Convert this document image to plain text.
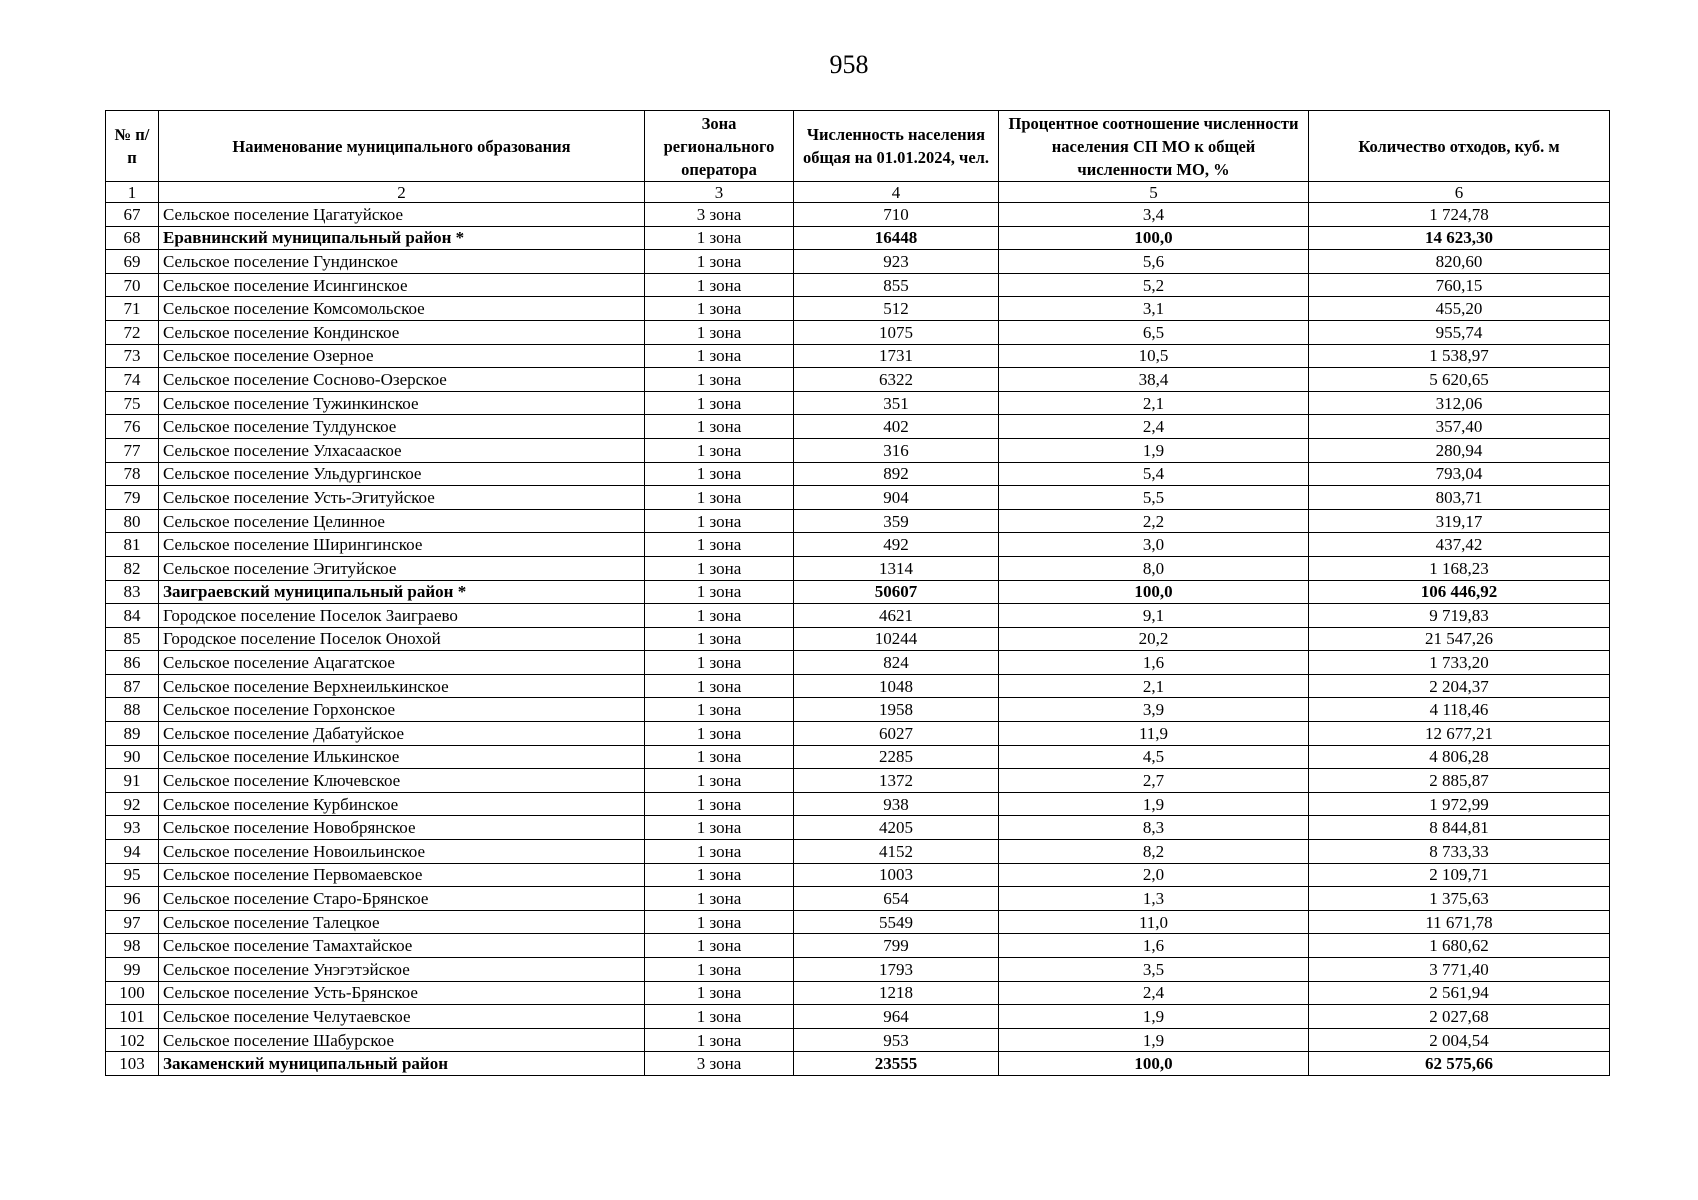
958
№ п/п	Наименование муниципального образования	Зона регионального оператора	Численность населения общая на 01.01.2024, чел.	Процентное соотношение численности населения СП МО к общей численности МО, %	Количество отходов, куб. м
1	2	3	4	5	6
67	Сельское поселение Цагатуйское	3 зона	710	3,4	1 724,78
68	Еравнинский муниципальный район *	1 зона	16448	100,0	14 623,30
69	Сельское поселение Гундинское	1 зона	923	5,6	820,60
70	Сельское поселение Исингинское	1 зона	855	5,2	760,15
71	Сельское поселение Комсомольское	1 зона	512	3,1	455,20
72	Сельское поселение Кондинское	1 зона	1075	6,5	955,74
73	Сельское поселение Озерное	1 зона	1731	10,5	1 538,97
74	Сельское поселение Сосново-Озерское	1 зона	6322	38,4	5 620,65
75	Сельское поселение Тужинкинское	1 зона	351	2,1	312,06
76	Сельское поселение Тулдунское	1 зона	402	2,4	357,40
77	Сельское поселение Улхасаaское	1 зона	316	1,9	280,94
78	Сельское поселение Ульдургинское	1 зона	892	5,4	793,04
79	Сельское поселение Усть-Эгитуйское	1 зона	904	5,5	803,71
80	Сельское поселение Целинное	1 зона	359	2,2	319,17
81	Сельское поселение Ширингинское	1 зона	492	3,0	437,42
82	Сельское поселение Эгитуйское	1 зона	1314	8,0	1 168,23
83	Заиграевский муниципальный район *	1 зона	50607	100,0	106 446,92
84	Городское поселение Поселок Заиграево	1 зона	4621	9,1	9 719,83
85	Городское поселение Поселок Онохой	1 зона	10244	20,2	21 547,26
86	Сельское поселение Ацагатское	1 зона	824	1,6	1 733,20
87	Сельское поселение Верхнеилькинское	1 зона	1048	2,1	2 204,37
88	Сельское поселение Горхонское	1 зона	1958	3,9	4 118,46
89	Сельское поселение Дабатуйское	1 зона	6027	11,9	12 677,21
90	Сельское поселение Илькинское	1 зона	2285	4,5	4 806,28
91	Сельское поселение Ключевское	1 зона	1372	2,7	2 885,87
92	Сельское поселение Курбинское	1 зона	938	1,9	1 972,99
93	Сельское поселение Новобрянское	1 зона	4205	8,3	8 844,81
94	Сельское поселение Новоильинское	1 зона	4152	8,2	8 733,33
95	Сельское поселение Первомаевское	1 зона	1003	2,0	2 109,71
96	Сельское поселение Старо-Брянское	1 зона	654	1,3	1 375,63
97	Сельское поселение Талецкое	1 зона	5549	11,0	11 671,78
98	Сельское поселение Тамахтайское	1 зона	799	1,6	1 680,62
99	Сельское поселение Унэгэтэйское	1 зона	1793	3,5	3 771,40
100	Сельское поселение Усть-Брянское	1 зона	1218	2,4	2 561,94
101	Сельское поселение Челутаевское	1 зона	964	1,9	2 027,68
102	Сельское поселение Шабурское	1 зона	953	1,9	2 004,54
103	Закаменский муниципальный район	3 зона	23555	100,0	62 575,66
